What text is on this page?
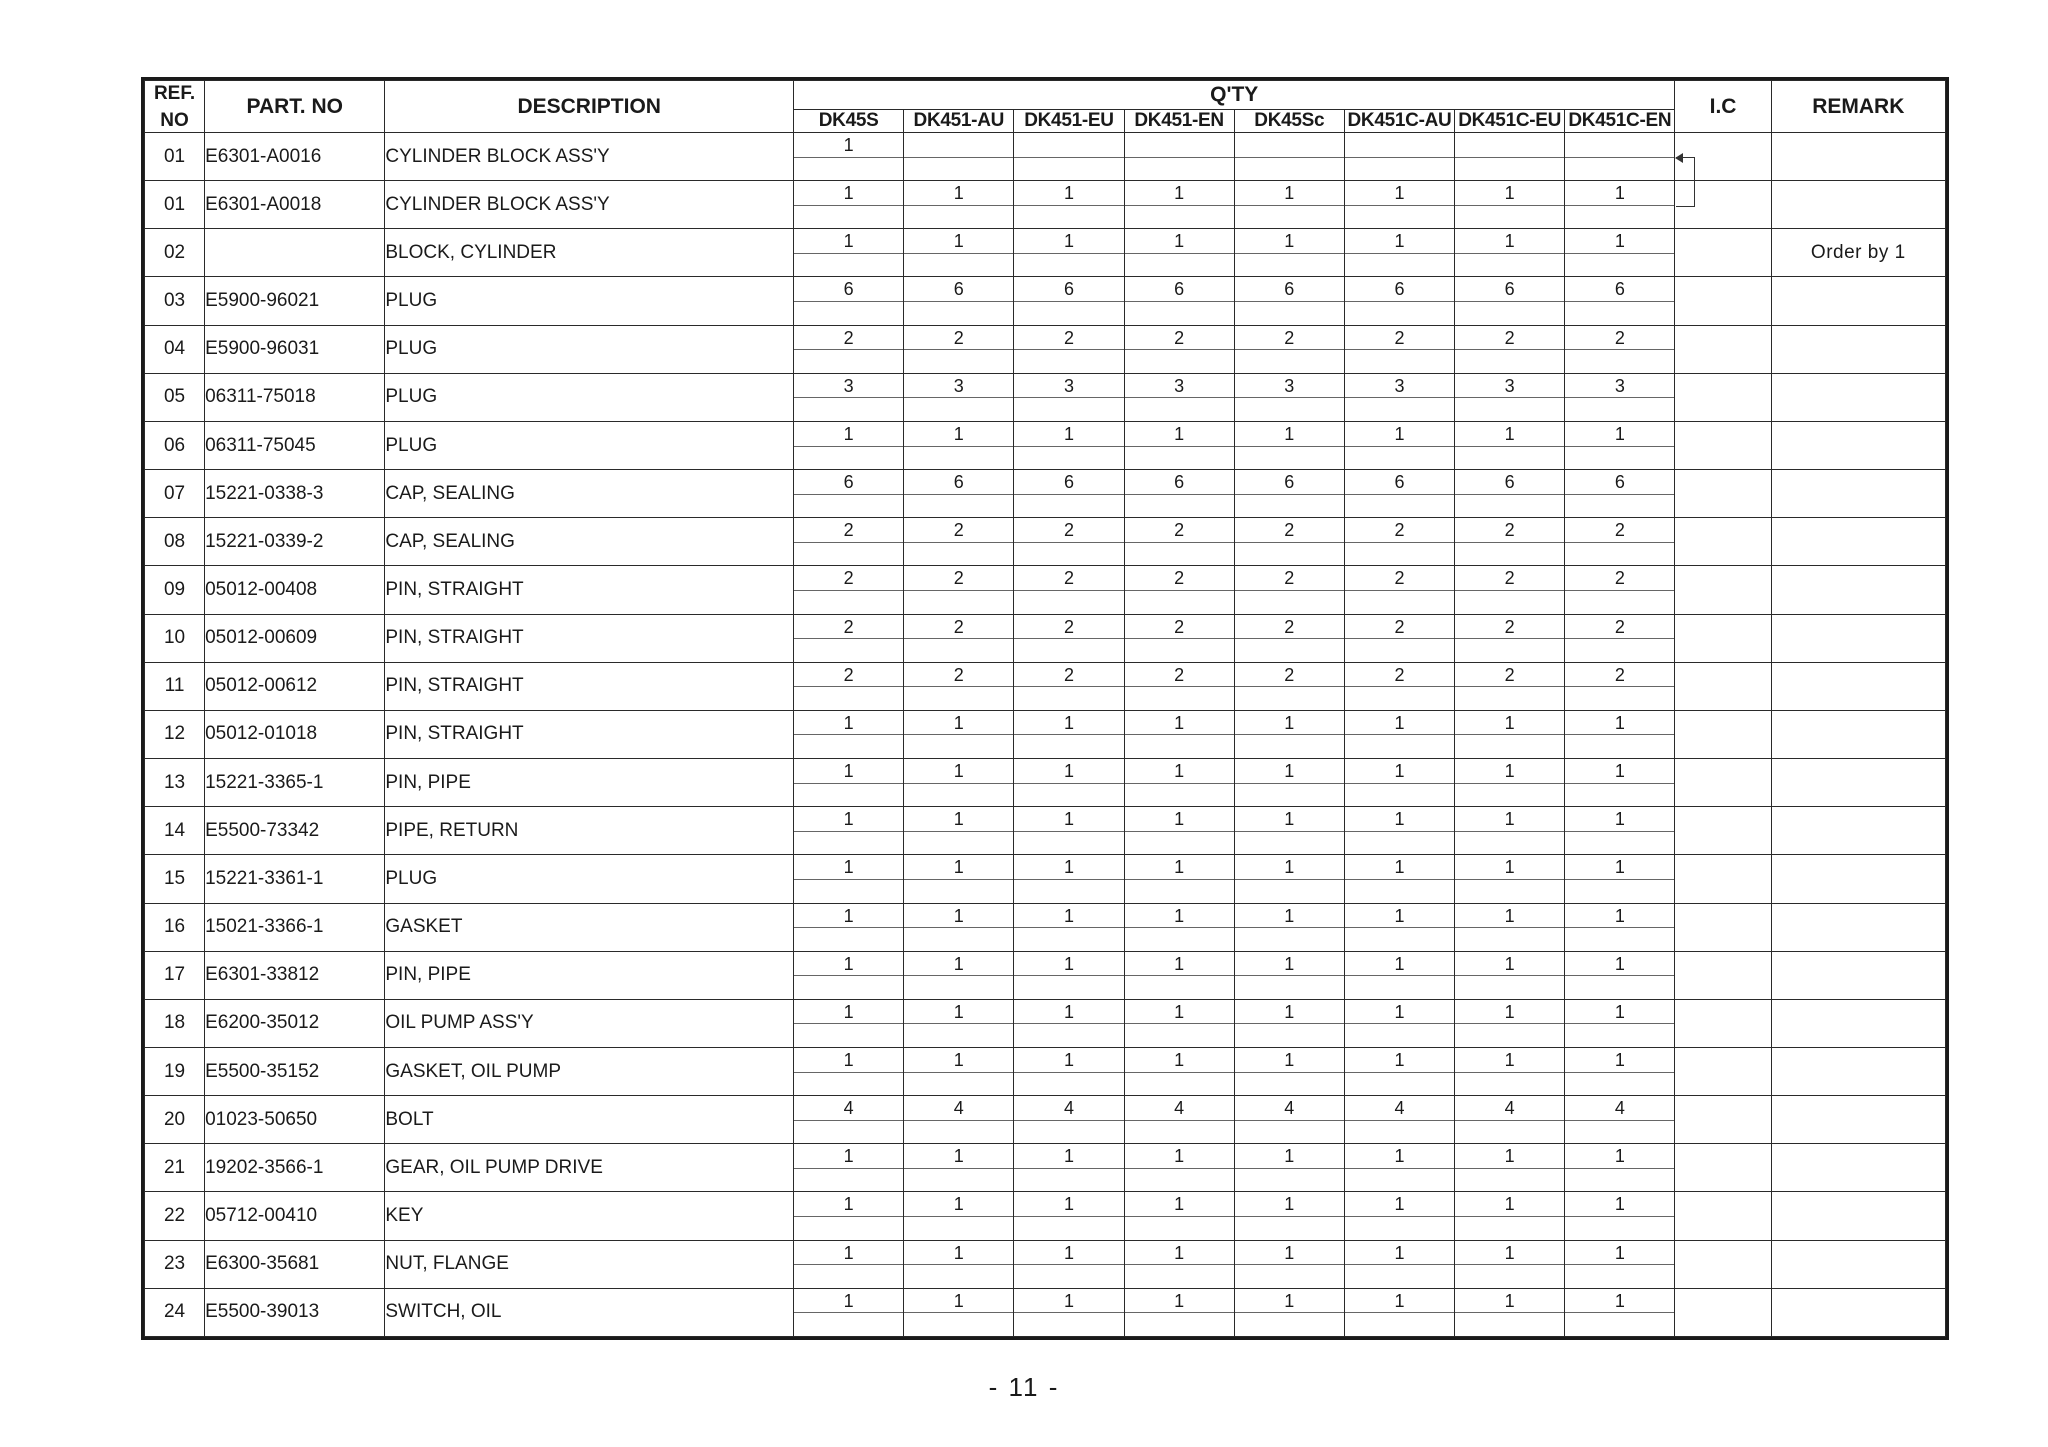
REF.
NO	PART. NO	DESCRIPTION	Q'TY								I.C	REMARK
			DK45S	DK451-AU	DK451-EU	DK451-EN	DK45Sc	DK451C-AU	DK451C-EU	DK451C-EN		
01	E6301-A0016	CYLINDER BLOCK ASS'Y	1									

01	E6301-A0018	CYLINDER BLOCK ASS'Y	1	1	1	1	1	1	1	1		

02		BLOCK, CYLINDER	1	1	1	1	1	1	1	1		Order by 1
03	E5900-96021	PLUG	6	6	6	6	6	6	6	6		

04	E5900-96031	PLUG	2	2	2	2	2	2	2	2		

05	06311-75018	PLUG	3	3	3	3	3	3	3	3		

06	06311-75045	PLUG	1	1	1	1	1	1	1	1		

07	15221-0338-3	CAP, SEALING	6	6	6	6	6	6	6	6		

08	15221-0339-2	CAP, SEALING	2	2	2	2	2	2	2	2		

09	05012-00408	PIN, STRAIGHT	2	2	2	2	2	2	2	2		

10	05012-00609	PIN, STRAIGHT	2	2	2	2	2	2	2	2		

11	05012-00612	PIN, STRAIGHT	2	2	2	2	2	2	2	2		

12	05012-01018	PIN, STRAIGHT	1	1	1	1	1	1	1	1		

13	15221-3365-1	PIN, PIPE	1	1	1	1	1	1	1	1		

14	E5500-73342	PIPE, RETURN	1	1	1	1	1	1	1	1		

15	15221-3361-1	PLUG	1	1	1	1	1	1	1	1		

16	15021-3366-1	GASKET	1	1	1	1	1	1	1	1		

17	E6301-33812	PIN, PIPE	1	1	1	1	1	1	1	1		

18	E6200-35012	OIL PUMP ASS'Y	1	1	1	1	1	1	1	1		

19	E5500-35152	GASKET, OIL PUMP	1	1	1	1	1	1	1	1		

20	01023-50650	BOLT	4	4	4	4	4	4	4	4		

21	19202-3566-1	GEAR, OIL PUMP DRIVE	1	1	1	1	1	1	1	1		

22	05712-00410	KEY	1	1	1	1	1	1	1	1		

23	E6300-35681	NUT, FLANGE	1	1	1	1	1	1	1	1		

24	E5500-39013	SWITCH, OIL	1	1	1	1	1	1	1	1		

- 11 -
